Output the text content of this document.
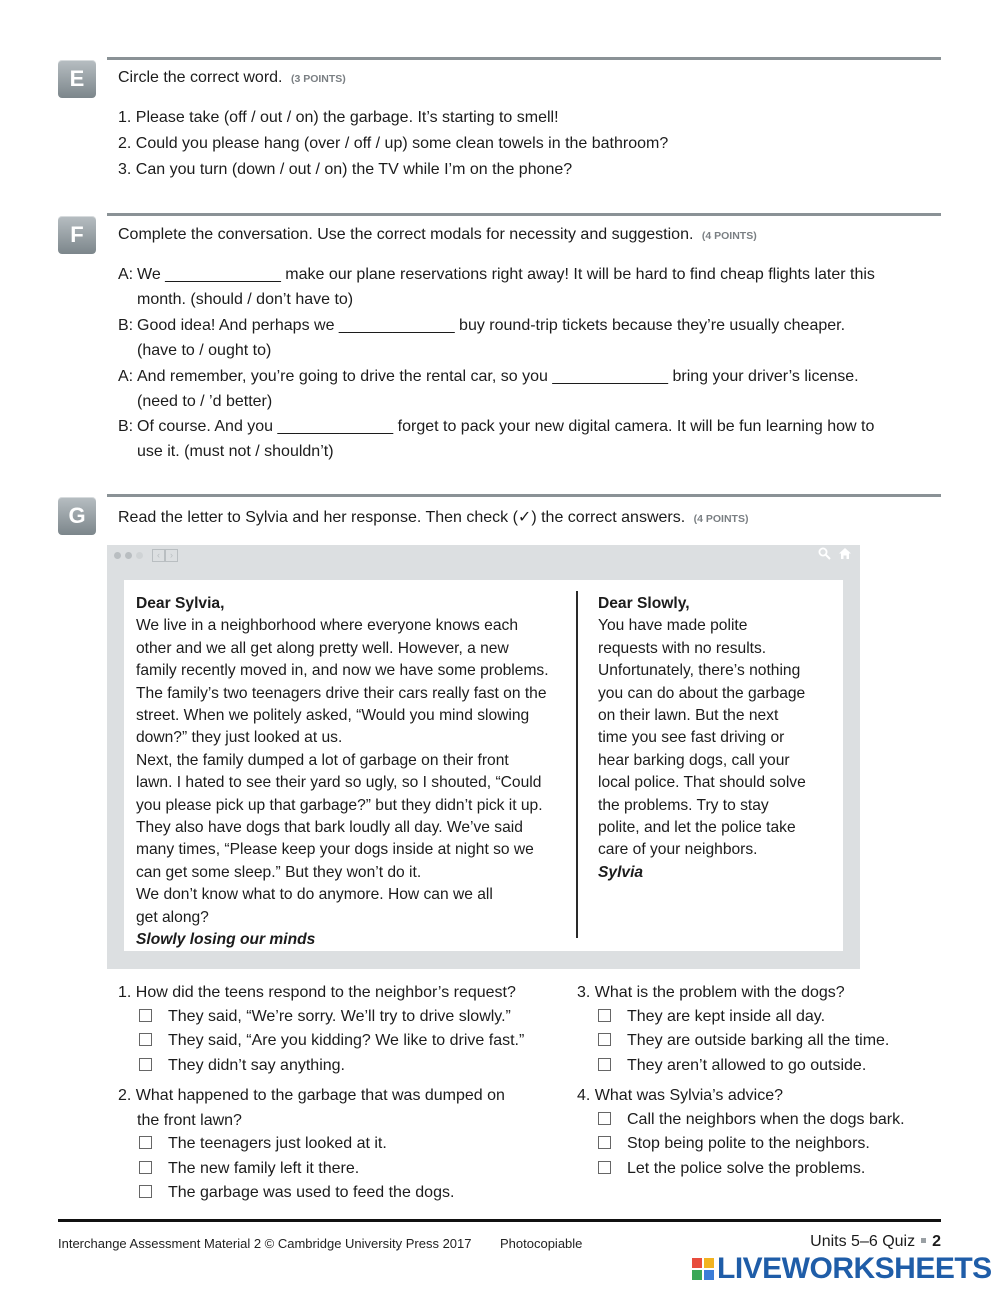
E	Circle the correct word. (3 POINTS)
1. Please take (off / out / on) the garbage. It’s starting to smell!
2. Could you please hang (over / off / up) some clean towels in the bathroom?
3. Can you turn (down / out / on) the TV while I’m on the phone?
F	Complete the conversation. Use the correct modals for necessity and suggestion. (4 POINTS)
A: We _____________ make our plane reservations right away! It will be hard to find cheap flights later this
month. (should / don’t have to)
B: Good idea! And perhaps we _____________ buy round-trip tickets because they’re usually cheaper.
(have to / ought to)
A: And remember, you’re going to drive the rental car, so you _____________ bring your driver’s license.
(need to / ’d better)
B: Of course. And you _____________ forget to pack your new digital camera. It will be fun learning how to
use it. (must not / shouldn’t)
G	Read the letter to Sylvia and her response. Then check (✓) the correct answers. (4 POINTS)
‹	›
Dear Sylvia,
We live in a neighborhood where everyone knows each
other and we all get along pretty well. However, a new
family recently moved in, and now we have some problems.
The family’s two teenagers drive their cars really fast on the
street. When we politely asked, “Would you mind slowing
down?” they just looked at us.
Next, the family dumped a lot of garbage on their front
lawn. I hated to see their yard so ugly, so I shouted, “Could
you please pick up that garbage?” but they didn’t pick it up.
They also have dogs that bark loudly all day. We’ve said
many times, “Please keep your dogs inside at night so we
can get some sleep.” But they won’t do it.
We don’t know what to do anymore. How can we all
get along?
Slowly losing our minds
Dear Slowly,
You have made polite
requests with no results.
Unfortunately, there’s nothing
you can do about the garbage
on their lawn. But the next
time you see fast driving or
hear barking dogs, call your
local police. That should solve
the problems. Try to stay
polite, and let the police take
care of your neighbors.
Sylvia
1. How did the teens respond to the neighbor’s request?
They said, “We’re sorry. We’ll try to drive slowly.”
They said, “Are you kidding? We like to drive fast.”
They didn’t say anything.
2. What happened to the garbage that was dumped on
the front lawn?
The teenagers just looked at it.
The new family left it there.
The garbage was used to feed the dogs.
3. What is the problem with the dogs?
They are kept inside all day.
They are outside barking all the time.
They aren’t allowed to go outside.
4. What was Sylvia’s advice?
Call the neighbors when the dogs bark.
Stop being polite to the neighbors.
Let the police solve the problems.
Interchange Assessment Material 2 © Cambridge University Press 2017 Photocopiable	Units 5–6 Quiz 2
LIVEWORKSHEETS
